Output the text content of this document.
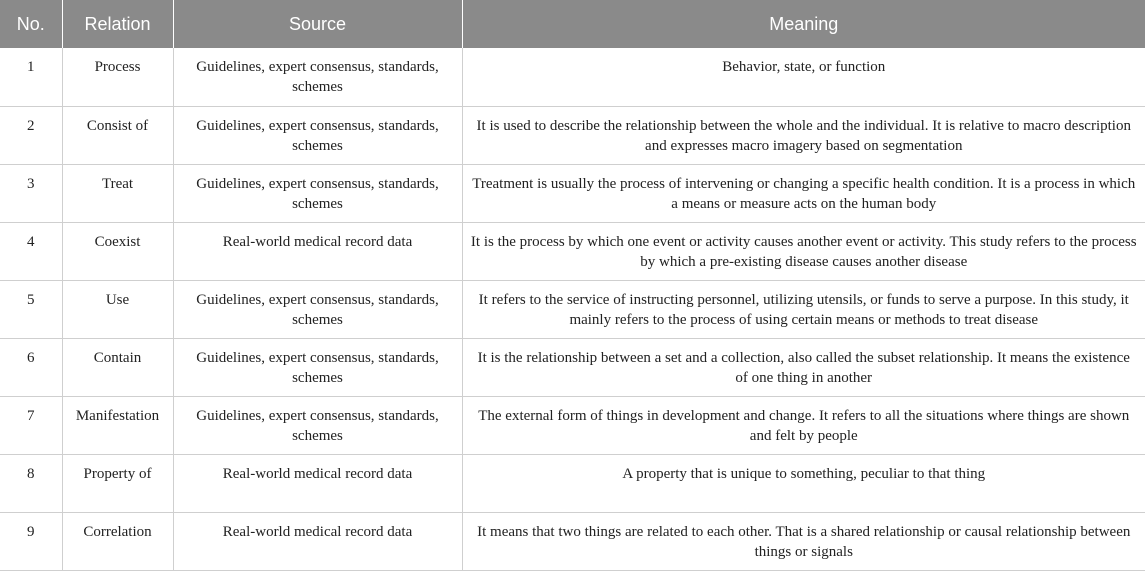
No.	Relation	Source	Meaning
1	Process	Guidelines, expert consensus, standards, schemes	Behavior, state, or function
2	Consist of	Guidelines, expert consensus, standards, schemes	It is used to describe the relationship between the whole and the individual. It is relative to macro description and expresses macro imagery based on segmentation
3	Treat	Guidelines, expert consensus, standards, schemes	Treatment is usually the process of intervening or changing a specific health condition. It is a process in which a means or measure acts on the human body
4	Coexist	Real-world medical record data	It is the process by which one event or activity causes another event or activity. This study refers to the process by which a pre-existing disease causes another disease
5	Use	Guidelines, expert consensus, standards, schemes	It refers to the service of instructing personnel, utilizing utensils, or funds to serve a purpose. In this study, it mainly refers to the process of using certain means or methods to treat disease
6	Contain	Guidelines, expert consensus, standards, schemes	It is the relationship between a set and a collection, also called the subset relationship. It means the existence of one thing in another
7	Manifestation	Guidelines, expert consensus, standards, schemes	The external form of things in development and change. It refers to all the situations where things are shown and felt by people
8	Property of	Real-world medical record data	A property that is unique to something, peculiar to that thing
9	Correlation	Real-world medical record data	It means that two things are related to each other. That is a shared relationship or causal relationship between things or signals
